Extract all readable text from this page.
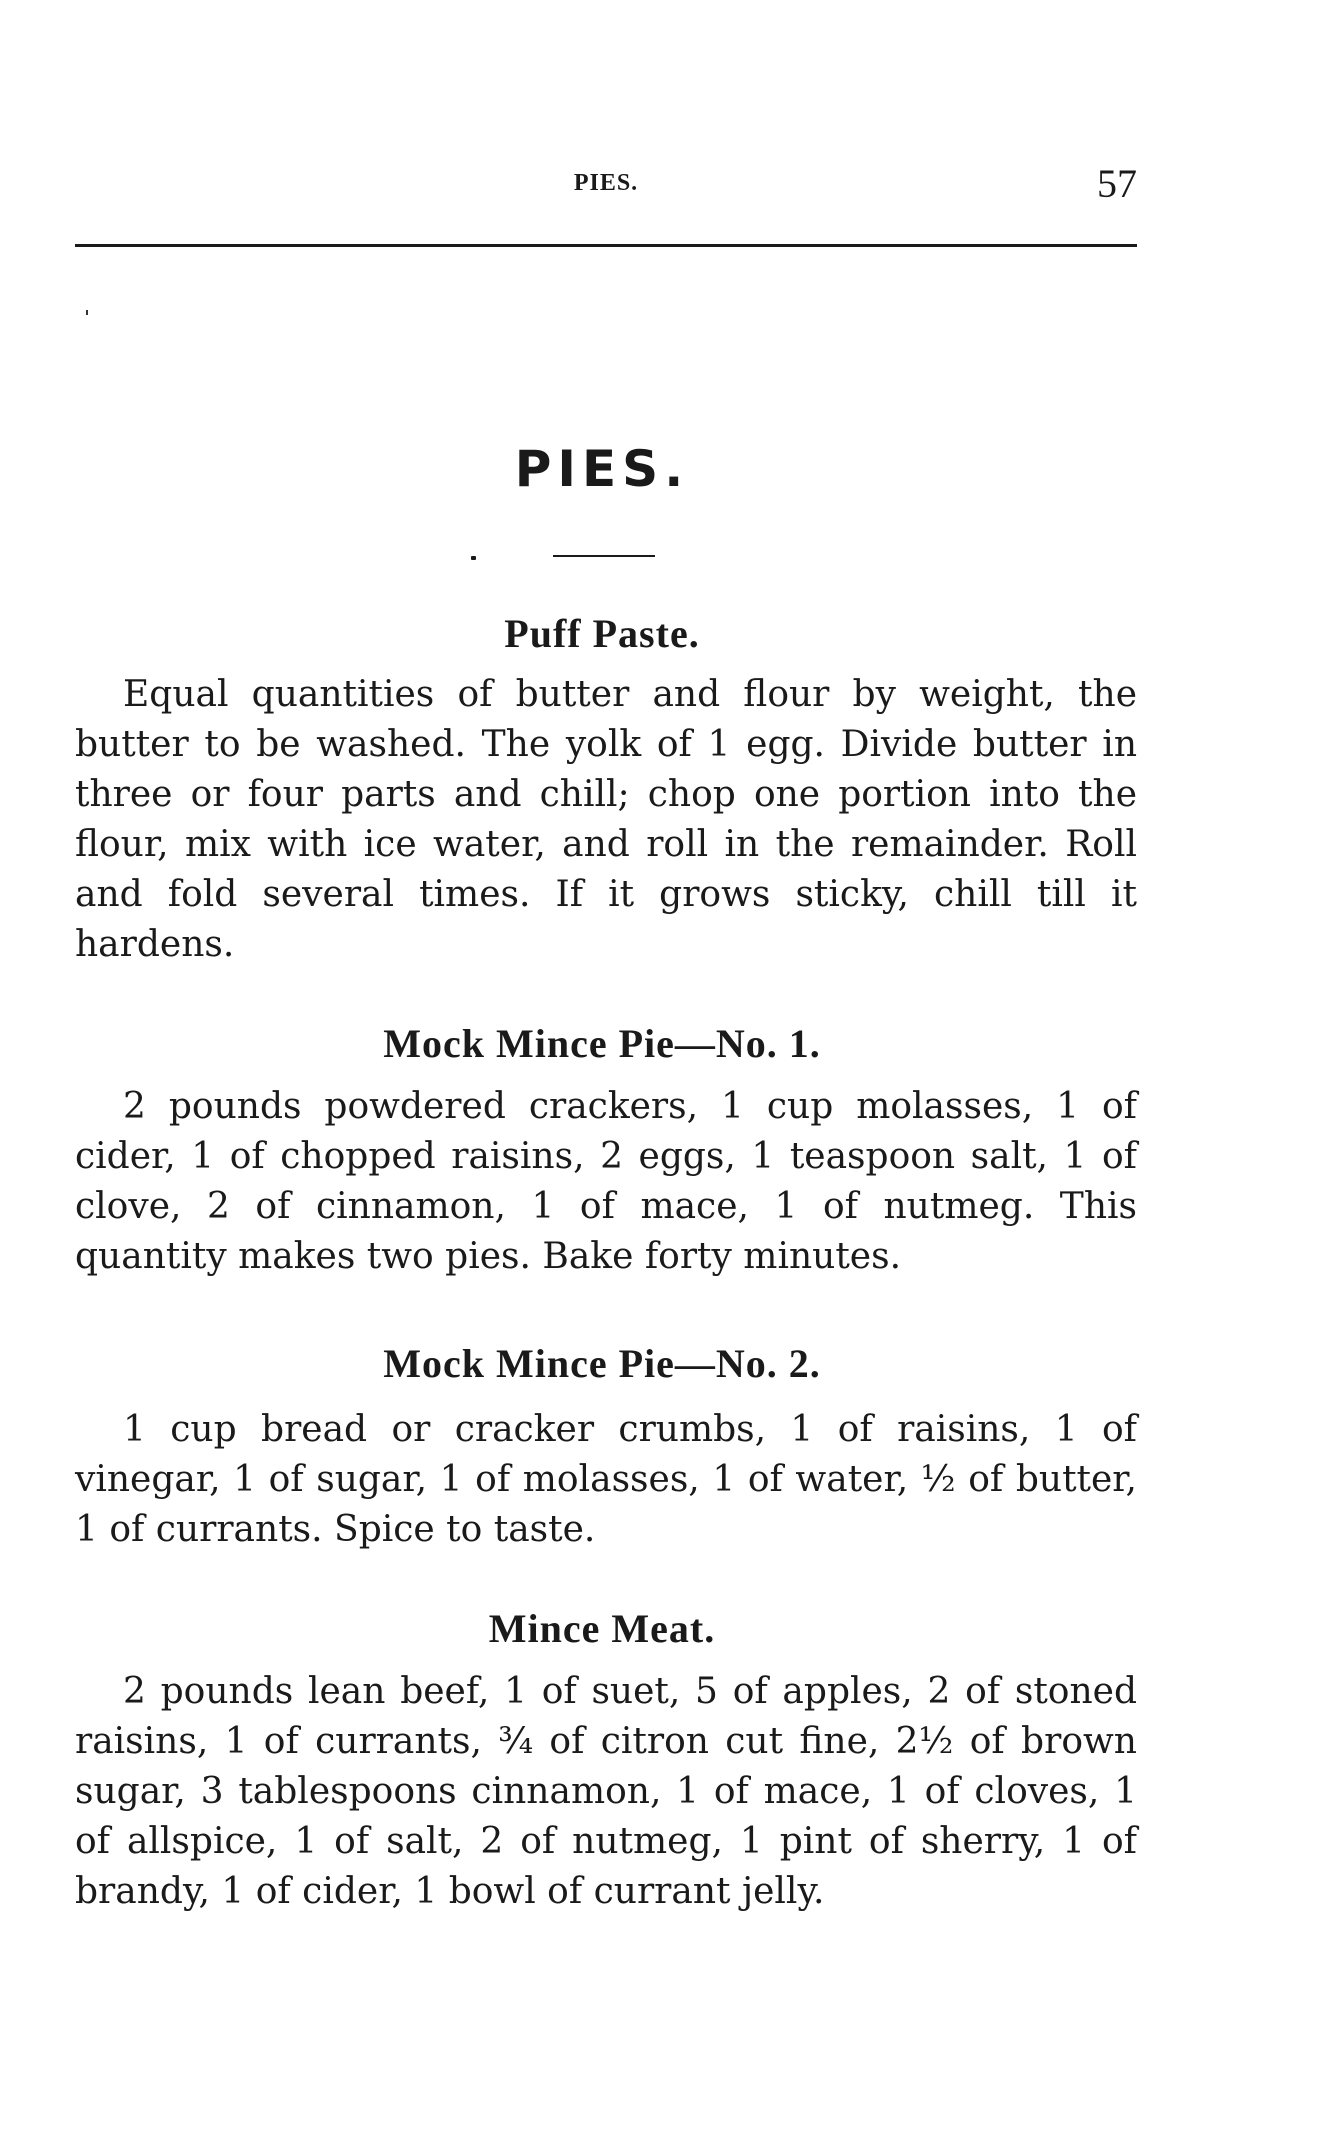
PIES.	57
PIES.
Puff Paste.

Equal quantities of butter and flour by weight, the butter to be washed. The yolk of 1 egg. Divide butter in three or four parts and chill; chop one portion into the flour, mix with ice water, and roll in the remainder. Roll and fold several times. If it grows sticky, chill till it hardens.

Mock Mince Pie—No. 1.

2 pounds powdered crackers, 1 cup molasses, 1 of cider, 1 of chopped raisins, 2 eggs, 1 teaspoon salt, 1 of clove, 2 of cinnamon, 1 of mace, 1 of nutmeg. This quantity makes two pies. Bake forty minutes.

Mock Mince Pie—No. 2.

1 cup bread or cracker crumbs, 1 of raisins, 1 of vinegar, 1 of sugar, 1 of molasses, 1 of water, ½ of butter, 1 of currants. Spice to taste.

Mince Meat.

2 pounds lean beef, 1 of suet, 5 of apples, 2 of stoned raisins, 1 of currants, ¾ of citron cut fine, 2½ of brown sugar, 3 tablespoons cinnamon, 1 of mace, 1 of cloves, 1 of allspice, 1 of salt, 2 of nutmeg, 1 pint of sherry, 1 of brandy, 1 of cider, 1 bowl of currant jelly.
